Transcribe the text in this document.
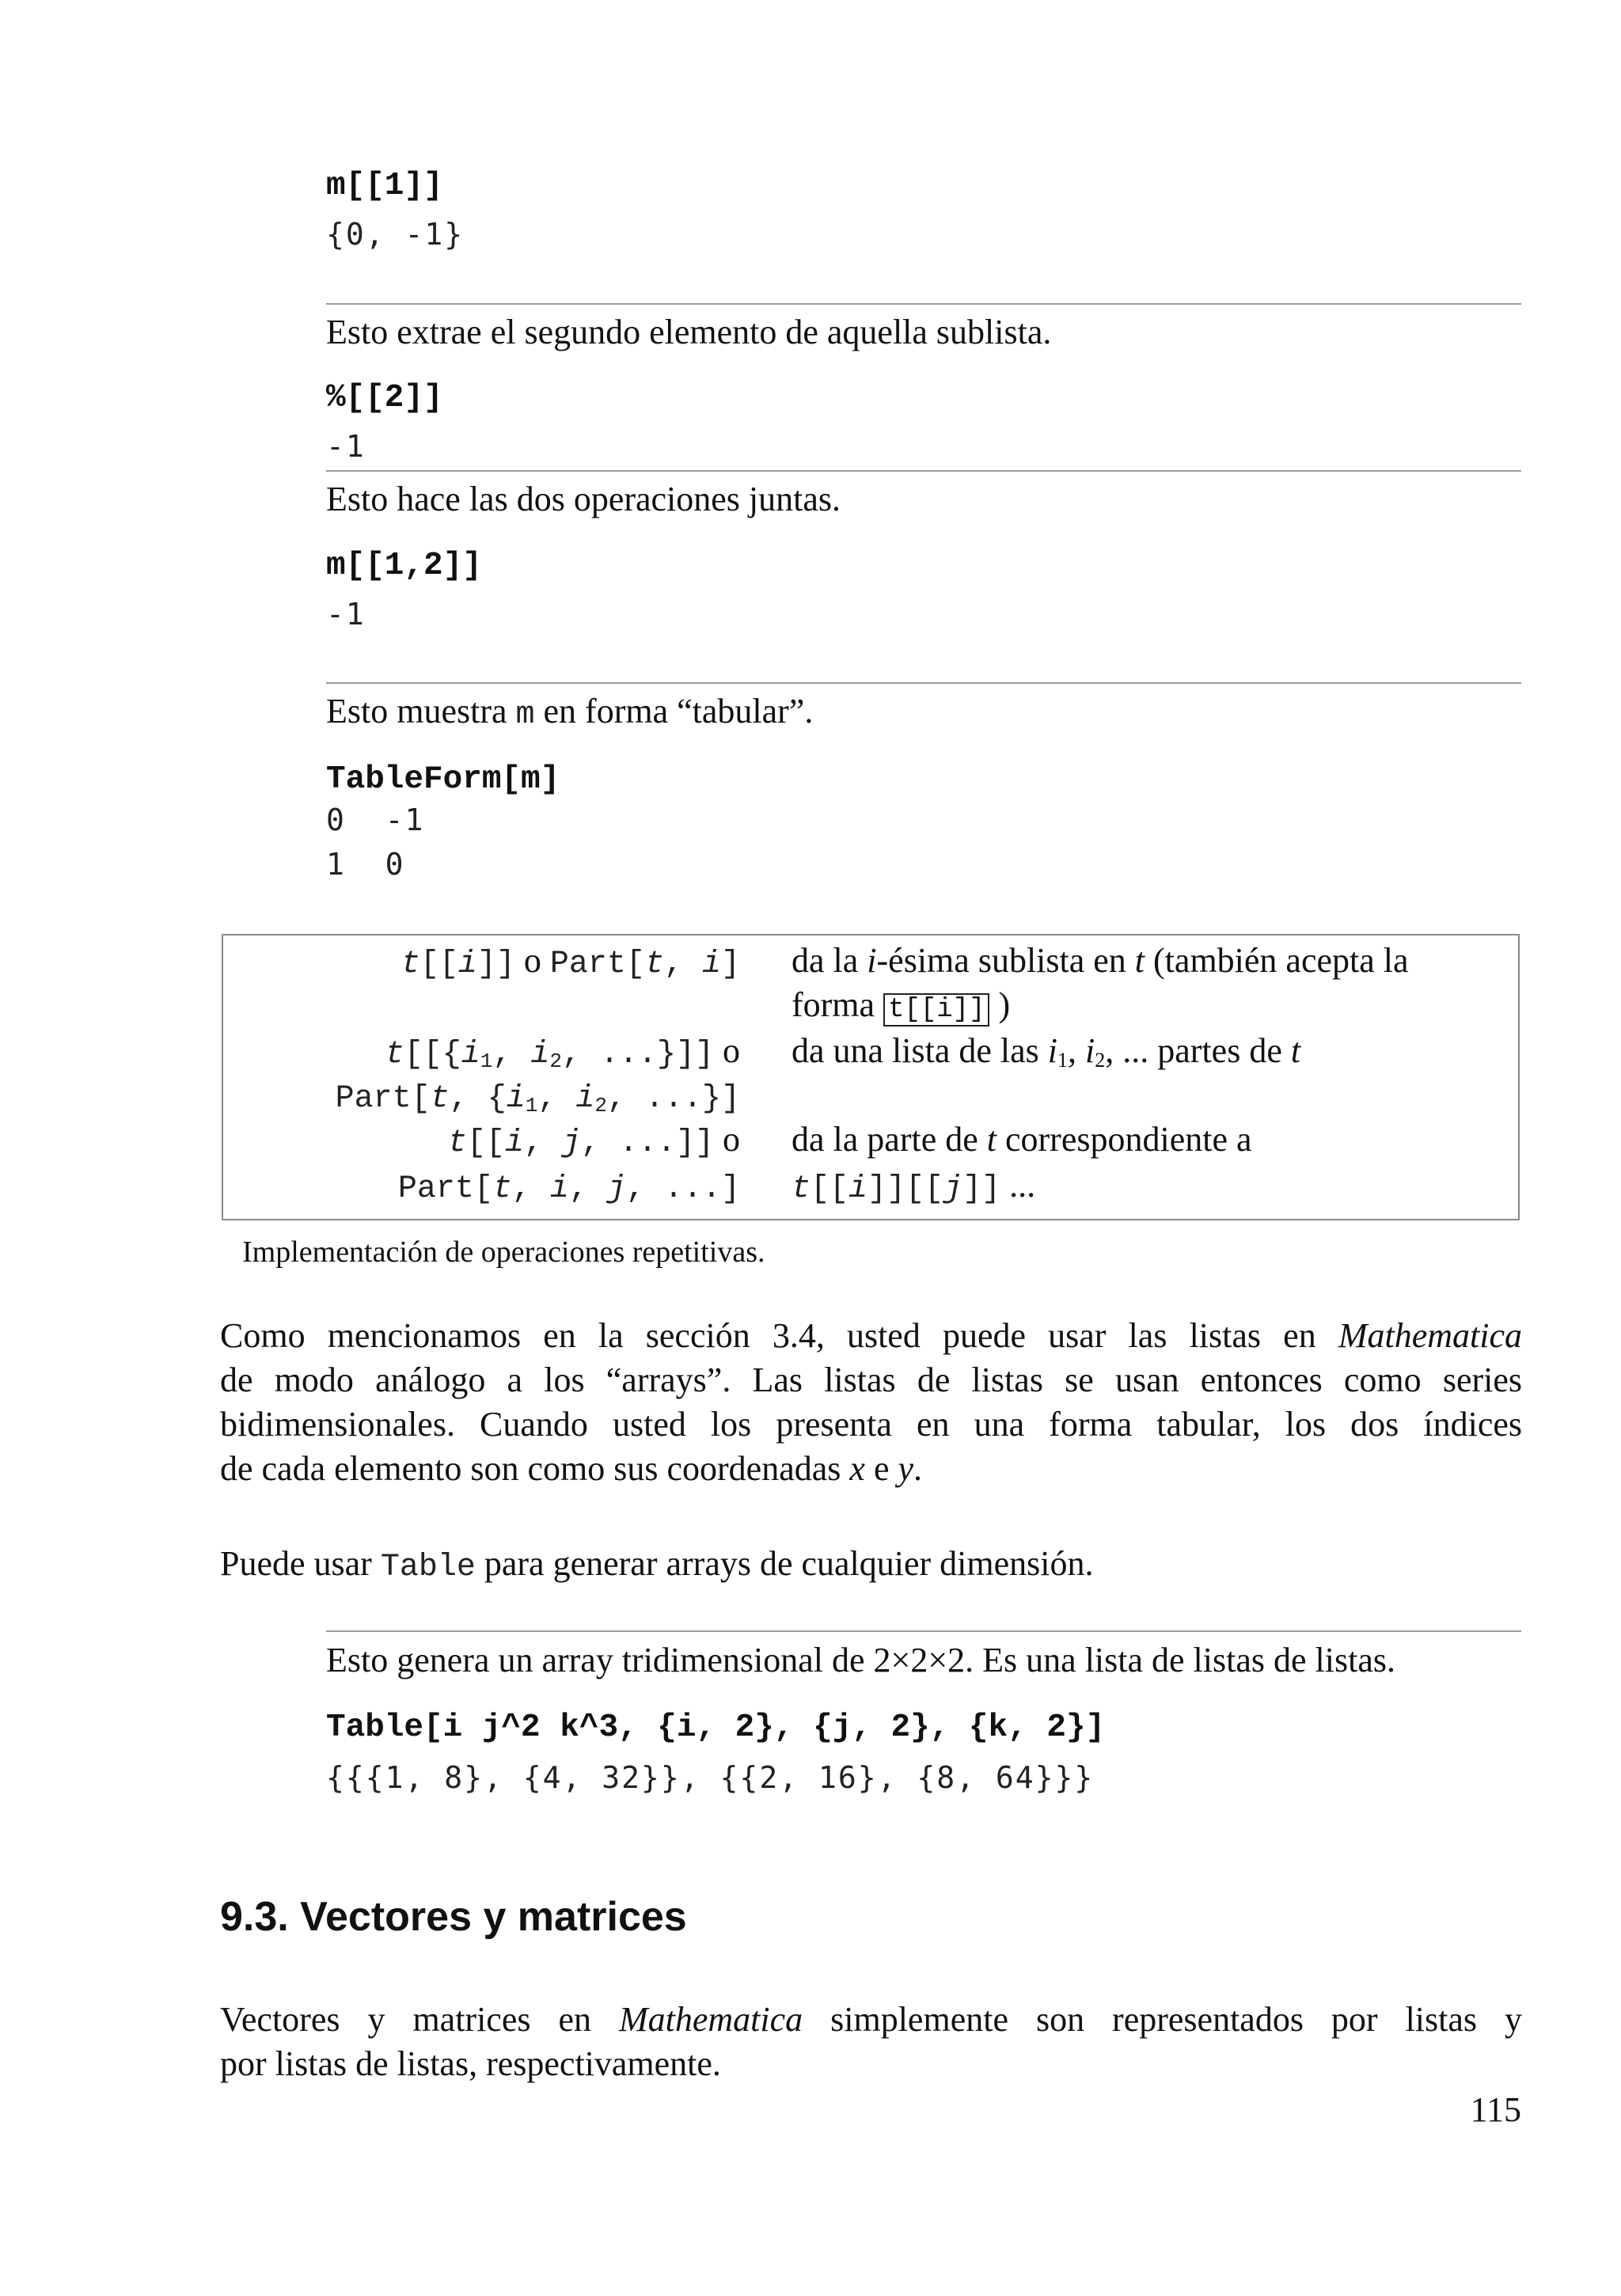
m[[1]]
{0, -1}
Esto extrae el segundo elemento de aquella sublista.
%[[2]]
-1
Esto hace las dos operaciones juntas.
m[[1,2]]
-1
Esto muestra m en forma “tabular”.
TableForm[m]
0  -1
1  0
t[[i]] o Part[t, i] da la i-ésima sublista en t (también acepta la
forma t[[i]] )
$t[[\{i_1$, $i_2$, ...}]] o
Part[t, {$i_1$, $i_2$, ...}]
da una lista de las $i_1$, $i_2$, ... partes de t
t[[i, j, ...]] o
Part[t, i, j, ...]
da la parte de t correspondiente a
t[[i]][[j]] ...
Implementación de operaciones repetitivas.
Como mencionamos en la sección 3.4, usted puede usar las listas en Mathematica
de modo análogo a los “arrays”. Las listas de listas se usan entonces como series
bidimensionales. Cuando usted los presenta en una forma tabular, los dos índices
de cada elemento son como sus coordenadas x e y.
Puede usar Table para generar arrays de cualquier dimensión.
Esto genera un array tridimensional de 2×2×2. Es una lista de listas de listas.
Table[i j^2 k^3, {i, 2}, {j, 2}, {k, 2}]
{{{1, 8}, {4, 32}}, {{2, 16}, {8, 64}}}
9.3. Vectores y matrices
Vectores y matrices en Mathematica simplemente son representados por listas y
por listas de listas, respectivamente.
115
